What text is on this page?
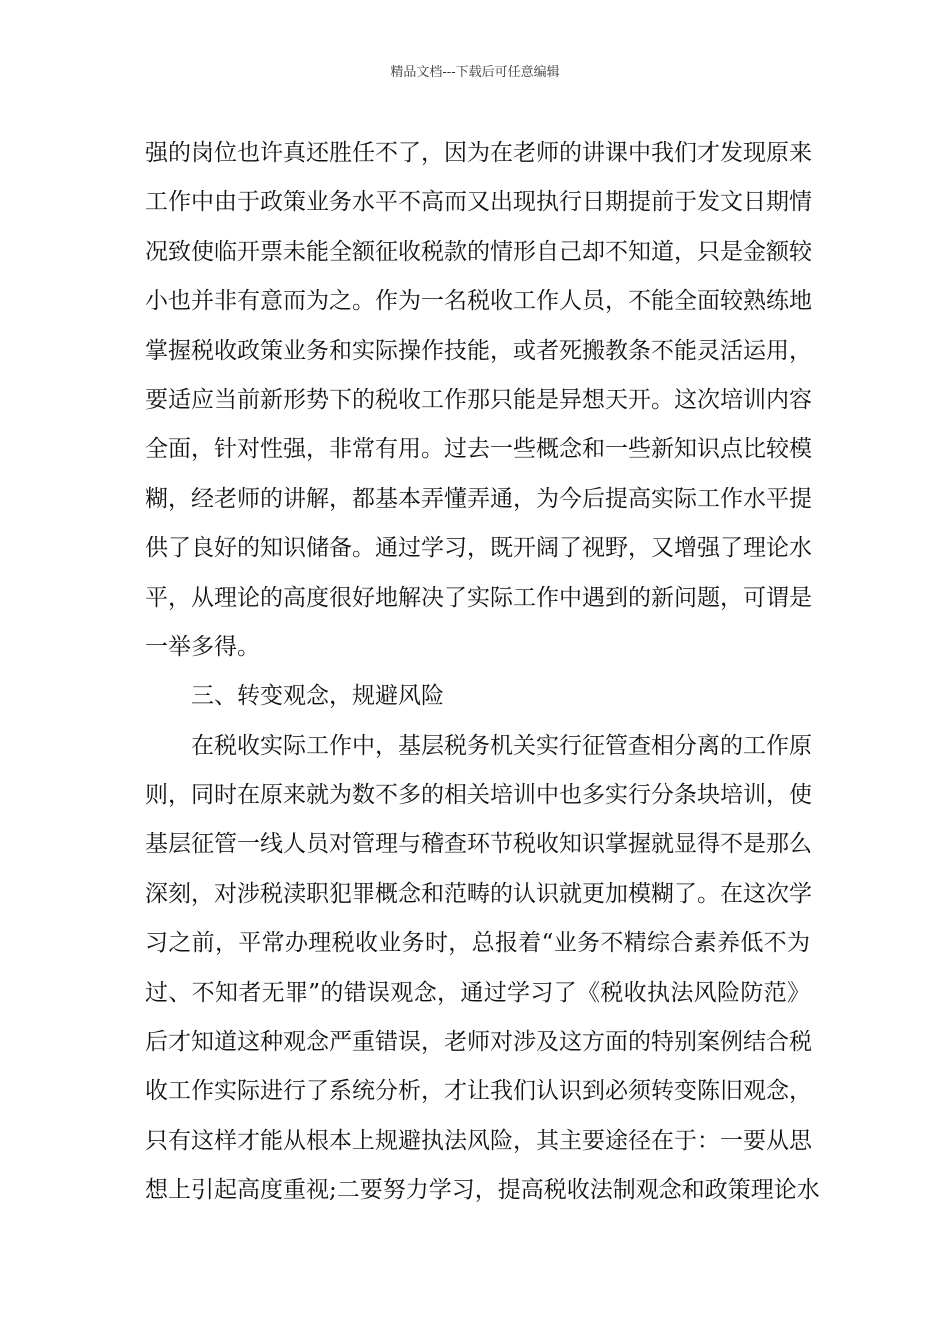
精品文档---下载后可任意编辑
强的岗位也许真还胜任不了，因为在老师的讲课中我们才发现原来
工作中由于政策业务水平不高而又出现执行日期提前于发文日期情
况致使临开票未能全额征收税款的情形自己却不知道，只是金额较
小也并非有意而为之。作为一名税收工作人员，不能全面较熟练地
掌握税收政策业务和实际操作技能，或者死搬教条不能灵活运用，
要适应当前新形势下的税收工作那只能是异想天开。这次培训内容
全面，针对性强，非常有用。过去一些概念和一些新知识点比较模
糊，经老师的讲解，都基本弄懂弄通，为今后提高实际工作水平提
供了良好的知识储备。通过学习，既开阔了视野，又增强了理论水
平，从理论的高度很好地解决了实际工作中遇到的新问题，可谓是
一举多得。
三、转变观念，规避风险
在税收实际工作中，基层税务机关实行征管查相分离的工作原
则，同时在原来就为数不多的相关培训中也多实行分条块培训，使
基层征管一线人员对管理与稽查环节税收知识掌握就显得不是那么
深刻，对涉税渎职犯罪概念和范畴的认识就更加模糊了。在这次学
习之前，平常办理税收业务时，总报着“业务不精综合素养低不为
过、不知者无罪”的错误观念，通过学习了《税收执法风险防范》
后才知道这种观念严重错误，老师对涉及这方面的特别案例结合税
收工作实际进行了系统分析，才让我们认识到必须转变陈旧观念，
只有这样才能从根本上规避执法风险，其主要途径在于：一要从思
想上引起高度重视;二要努力学习，提高税收法制观念和政策理论水
